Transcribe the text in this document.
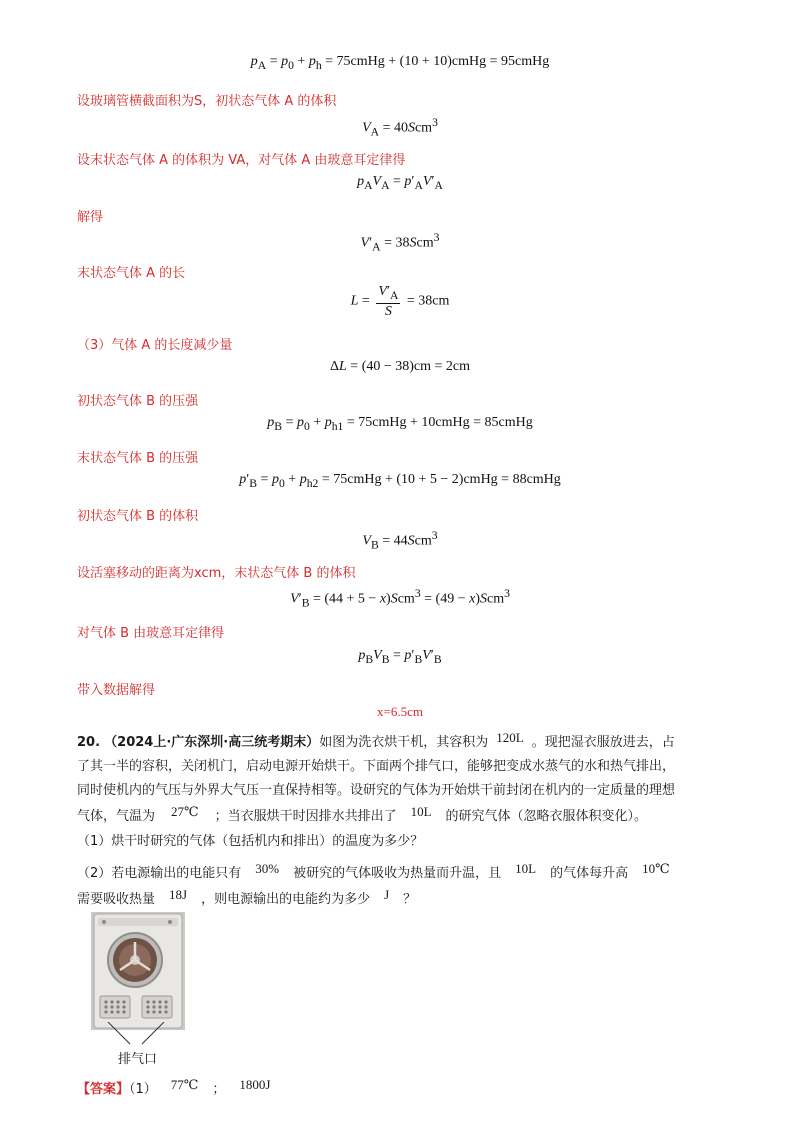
$p_A = p_0 + p_h$ = 75cmHg + (10 + 10)cmHg = 95cmHg
设玻璃管横截面积为S，初状态气体 A 的体积
$V_A = 40Scm^3$
设末状态气体 A 的体积为 VA，对气体 A 由玻意耳定律得
$p_AV_A = p'_AV'_A$
解得
$V'_A = 38Scm^3$
末状态气体 A 的长
$L = \frac{V'_A}{S} = 38cm$
（3）气体 A 的长度减少量
ΔL = (40 − 38)cm = 2cm
初状态气体 B 的压强
$p_B = p_0 + p_{h1}$ = 75cmHg + 10cmHg = 85cmHg
末状态气体 B 的压强
$p'_B = p_0 + p_{h2}$ = 75cmHg + (10 + 5 − 2)cmHg = 88cmHg
初状态气体 B 的体积
$V_B = 44Scm^3$
设活塞移动的距离为xcm，末状态气体 B 的体积
$V'_B = (44 + 5 - x)Scm^3 = (49 - x)Scm^3$
对气体 B 由玻意耳定律得
$p_BV_B = p'_BV'_B$
带入数据解得
x=6.5cm
20. （2024上·广东深圳·高三统考期末）如图为洗衣烘干机，其容积为 120L 。现把湿衣服放进去，占
了其一半的容积，关闭机门，启动电源开始烘干。下面两个排气口，能够把变成水蒸气的水和热气排出，
同时使机内的气压与外界大气压一直保持相等。设研究的气体为开始烘干前封闭在机内的一定质量的理想
气体，气温为 27℃ ；当衣服烘干时因排水共排出了 10L 的研究气体（忽略衣服体积变化）。
（1）烘干时研究的气体（包括机内和排出）的温度为多少？
（2）若电源输出的电能只有 30% 被研究的气体吸收为热量而升温，且 10L 的气体每升高 10℃
需要吸收热量 18J ，则电源输出的电能约为多少 J ？
排气口
【答案】（1） 77℃ ； 1800J
